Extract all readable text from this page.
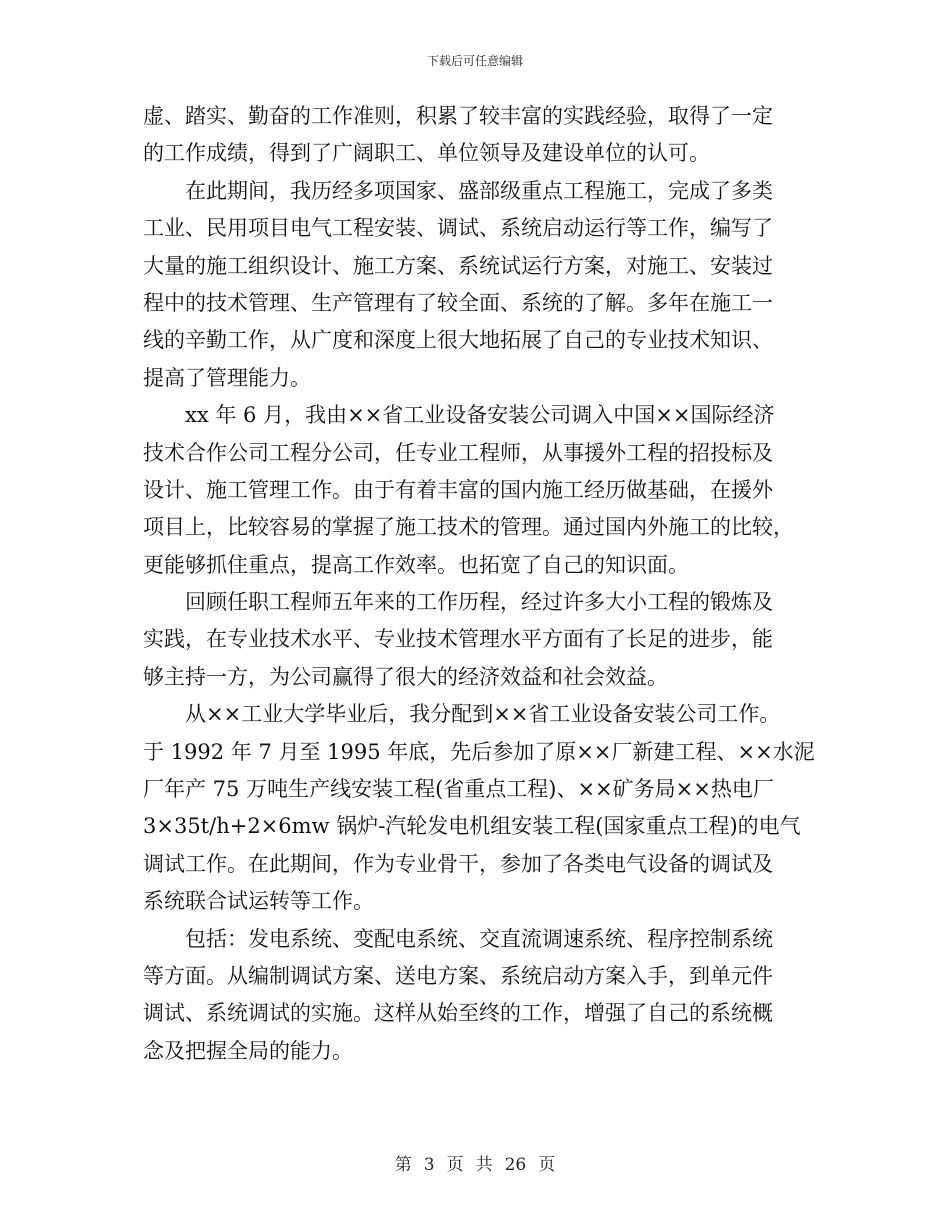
下载后可任意编辑
虚、踏实、勤奋的工作准则，积累了较丰富的实践经验，取得了一定
的工作成绩，得到了广阔职工、单位领导及建设单位的认可。
　　在此期间，我历经多项国家、盛部级重点工程施工，完成了多类
工业、民用项目电气工程安装、调试、系统启动运行等工作，编写了
大量的施工组织设计、施工方案、系统试运行方案，对施工、安装过
程中的技术管理、生产管理有了较全面、系统的了解。多年在施工一
线的辛勤工作，从广度和深度上很大地拓展了自己的专业技术知识、
提高了管理能力。
　　xx 年 6 月，我由××省工业设备安装公司调入中国××国际经济
技术合作公司工程分公司，任专业工程师，从事援外工程的招投标及
设计、施工管理工作。由于有着丰富的国内施工经历做基础，在援外
项目上，比较容易的掌握了施工技术的管理。通过国内外施工的比较，
更能够抓住重点，提高工作效率。也拓宽了自己的知识面。
　　回顾任职工程师五年来的工作历程，经过许多大小工程的锻炼及
实践，在专业技术水平、专业技术管理水平方面有了长足的进步，能
够主持一方，为公司赢得了很大的经济效益和社会效益。
　　从××工业大学毕业后，我分配到××省工业设备安装公司工作。
于 1992 年 7 月至 1995 年底，先后参加了原××厂新建工程、××水泥
厂年产 75 万吨生产线安装工程(省重点工程)、××矿务局××热电厂
3×35t/h+2×6mw 锅炉-汽轮发电机组安装工程(国家重点工程)的电气
调试工作。在此期间，作为专业骨干，参加了各类电气设备的调试及
系统联合试运转等工作。
　　包括：发电系统、变配电系统、交直流调速系统、程序控制系统
等方面。从编制调试方案、送电方案、系统启动方案入手，到单元件
调试、系统调试的实施。这样从始至终的工作，增强了自己的系统概
念及把握全局的能力。
第 3 页 共 26 页
